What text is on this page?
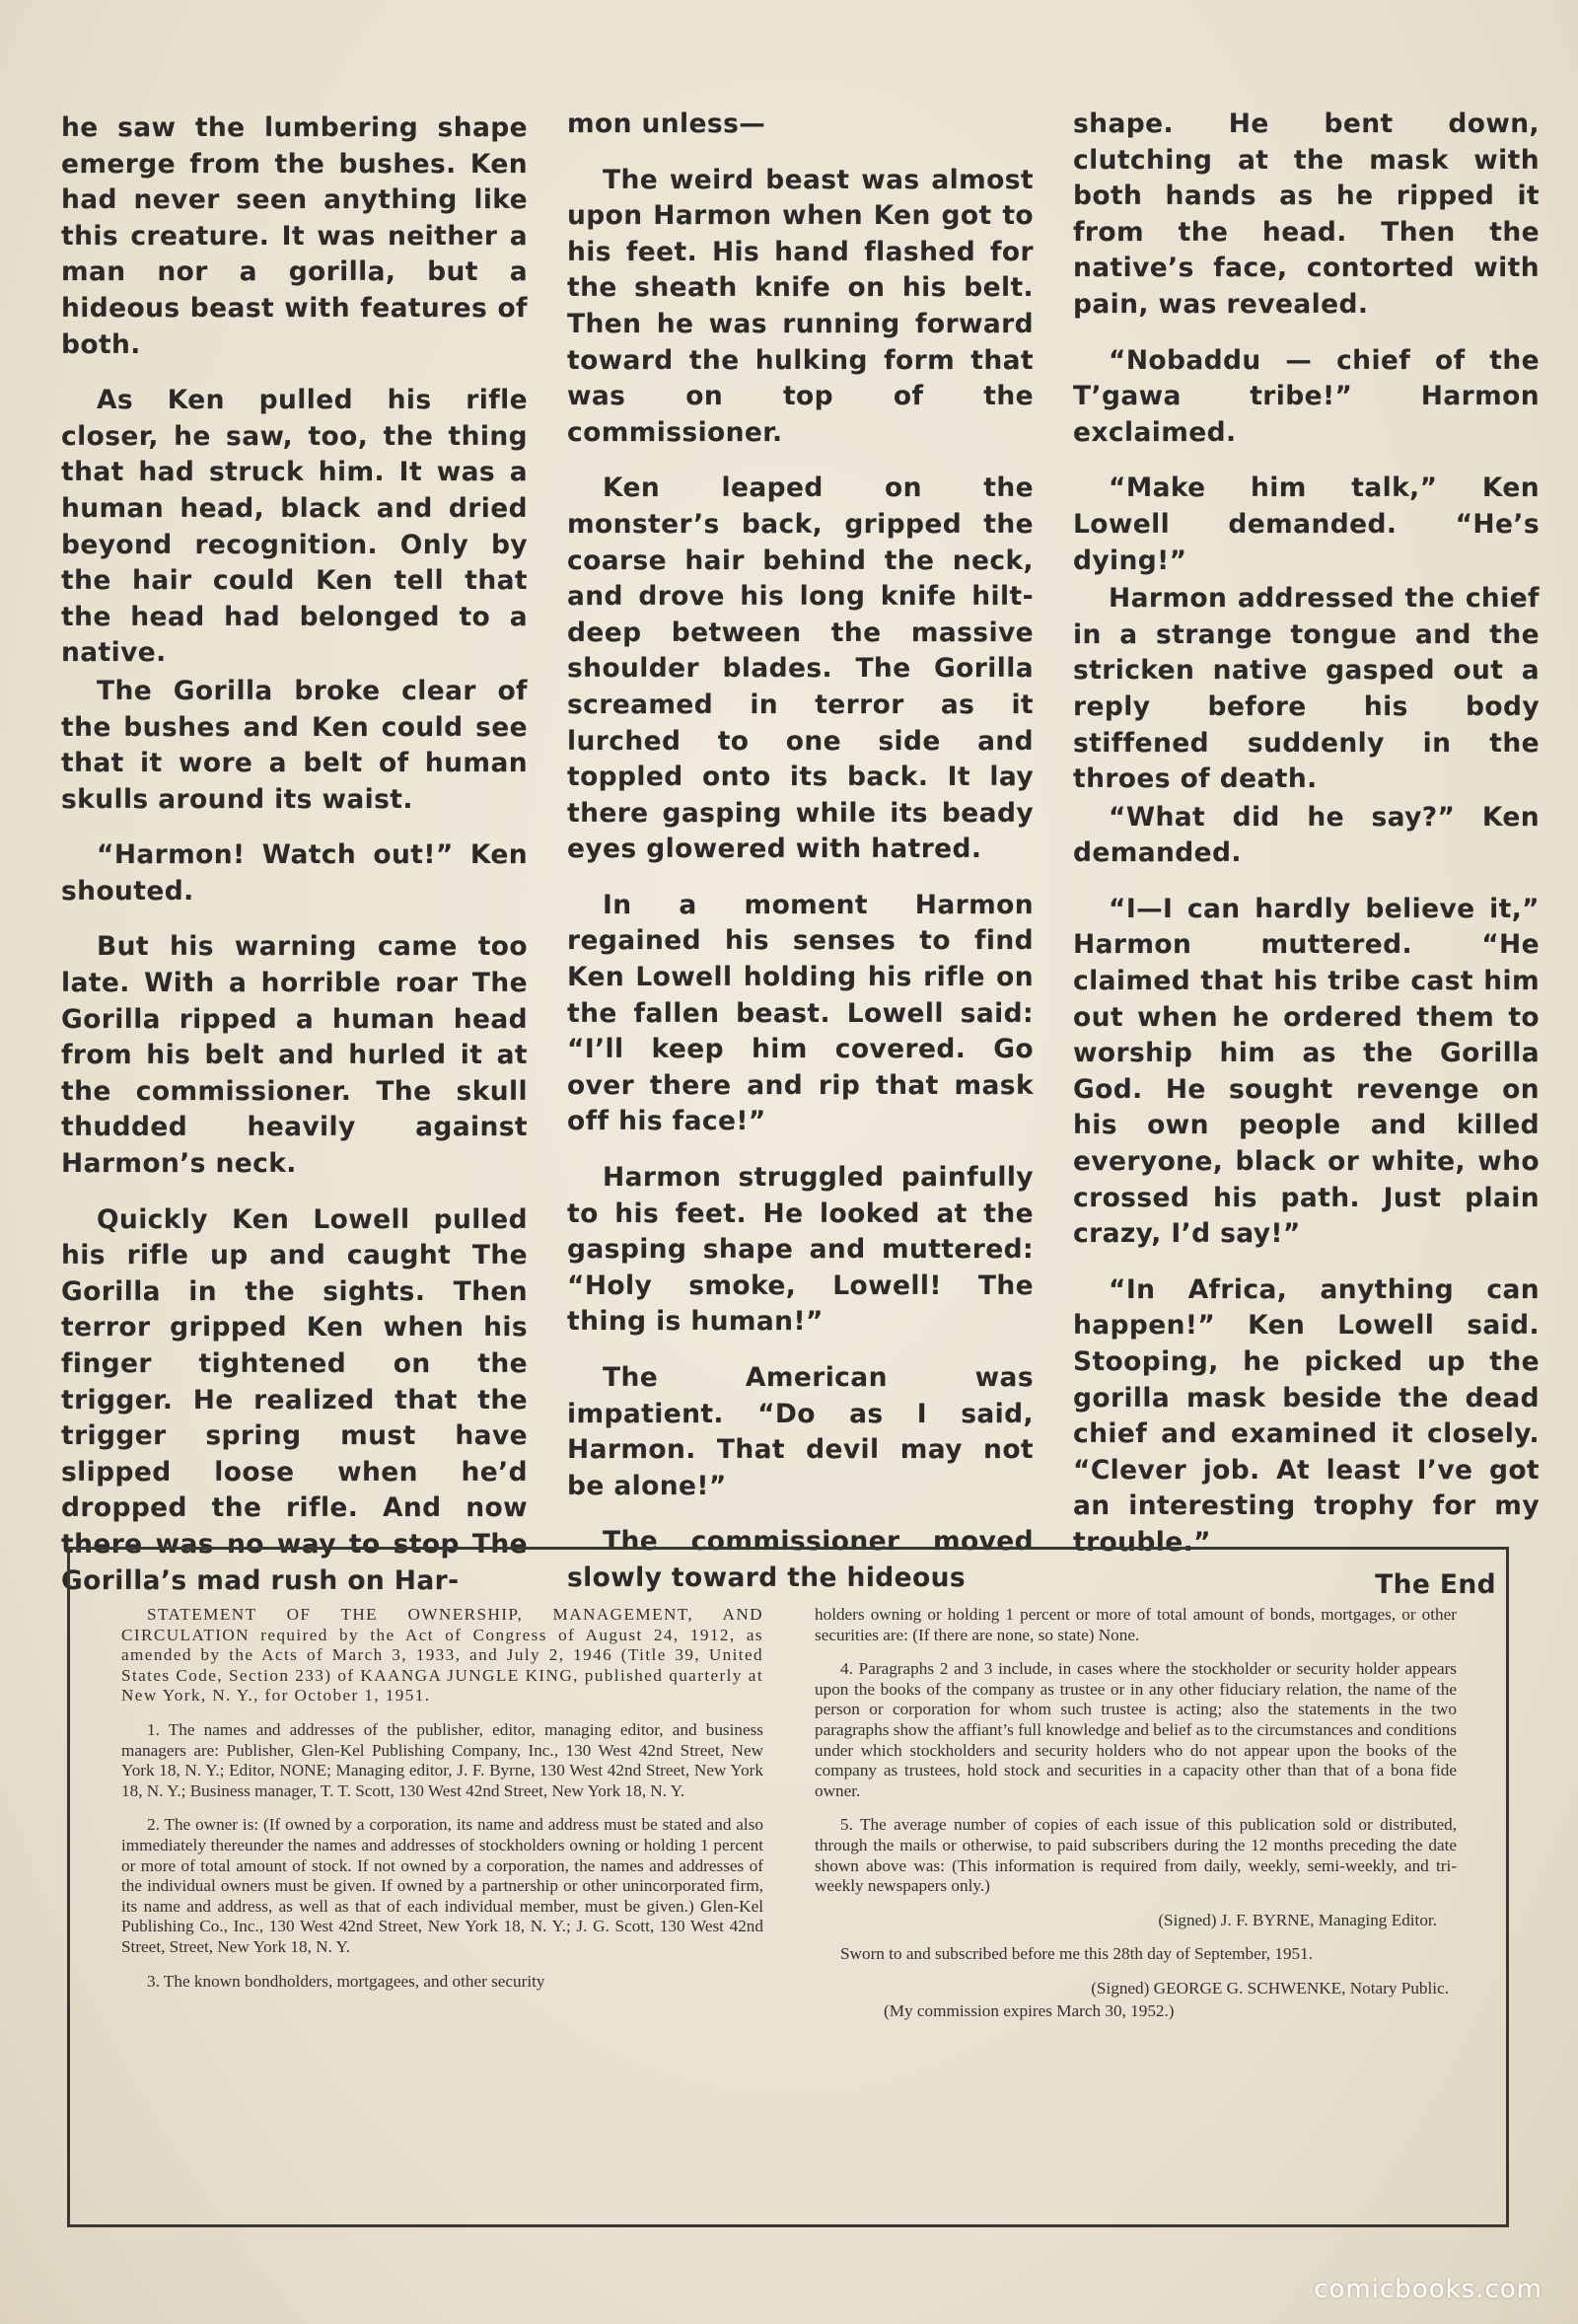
he saw the lumbering shape emerge from the bushes. Ken had never seen anything like this creature. It was neither a man nor a gorilla, but a hideous beast with features of both.

As Ken pulled his rifle closer, he saw, too, the thing that had struck him. It was a human head, black and dried beyond recognition. Only by the hair could Ken tell that the head had belonged to a native.

The Gorilla broke clear of the bushes and Ken could see that it wore a belt of human skulls around its waist.

“Harmon! Watch out!” Ken shouted.

But his warning came too late. With a horrible roar The Gorilla ripped a human head from his belt and hurled it at the commissioner. The skull thudded heavily against Harmon’s neck.

Quickly Ken Lowell pulled his rifle up and caught The Gorilla in the sights. Then terror gripped Ken when his finger tightened on the trigger. He realized that the trigger spring must have slipped loose when he’d dropped the rifle. And now there was no way to stop The Gorilla’s mad rush on Har-

mon unless—

The weird beast was almost upon Harmon when Ken got to his feet. His hand flashed for the sheath knife on his belt. Then he was running forward toward the hulking form that was on top of the commissioner.

Ken leaped on the monster’s back, gripped the coarse hair behind the neck, and drove his long knife hilt-deep between the massive shoulder blades. The Gorilla screamed in terror as it lurched to one side and toppled onto its back. It lay there gasping while its beady eyes glowered with hatred.

In a moment Harmon regained his senses to find Ken Lowell holding his rifle on the fallen beast. Lowell said: “I’ll keep him covered. Go over there and rip that mask off his face!”

Harmon struggled painfully to his feet. He looked at the gasping shape and muttered: “Holy smoke, Lowell! The thing is human!”

The American was impatient. “Do as I said, Harmon. That devil may not be alone!”

The commissioner moved slowly toward the hideous

shape. He bent down, clutching at the mask with both hands as he ripped it from the head. Then the native’s face, contorted with pain, was revealed.

“Nobaddu — chief of the T’gawa tribe!” Harmon exclaimed.

“Make him talk,” Ken Lowell demanded. “He’s dying!”

Harmon addressed the chief in a strange tongue and the stricken native gasped out a reply before his body stiffened suddenly in the throes of death.

“What did he say?” Ken demanded.

“I—I can hardly believe it,” Harmon muttered. “He claimed that his tribe cast him out when he ordered them to worship him as the Gorilla God. He sought revenge on his own people and killed everyone, black or white, who crossed his path. Just plain crazy, I’d say!”

“In Africa, anything can happen!” Ken Lowell said. Stooping, he picked up the gorilla mask beside the dead chief and examined it closely. “Clever job. At least I’ve got an interesting trophy for my trouble.”

The End

STATEMENT OF THE OWNERSHIP, MANAGEMENT, AND CIRCULATION required by the Act of Congress of August 24, 1912, as amended by the Acts of March 3, 1933, and July 2, 1946 (Title 39, United States Code, Section 233) of KAANGA JUNGLE KING, published quarterly at New York, N. Y., for October 1, 1951.

1. The names and addresses of the publisher, editor, managing editor, and business managers are: Publisher, Glen-Kel Publishing Company, Inc., 130 West 42nd Street, New York 18, N. Y.; Editor, NONE; Managing editor, J. F. Byrne, 130 West 42nd Street, New York 18, N. Y.; Business manager, T. T. Scott, 130 West 42nd Street, New York 18, N. Y.

2. The owner is: (If owned by a corporation, its name and address must be stated and also immediately thereunder the names and addresses of stockholders owning or holding 1 percent or more of total amount of stock. If not owned by a corporation, the names and addresses of the individual owners must be given. If owned by a partnership or other unincorporated firm, its name and address, as well as that of each individual member, must be given.) Glen-Kel Publishing Co., Inc., 130 West 42nd Street, New York 18, N. Y.; J. G. Scott, 130 West 42nd Street, Street, New York 18, N. Y.

3. The known bondholders, mortgagees, and other security

holders owning or holding 1 percent or more of total amount of bonds, mortgages, or other securities are: (If there are none, so state) None.

4. Paragraphs 2 and 3 include, in cases where the stockholder or security holder appears upon the books of the company as trustee or in any other fiduciary relation, the name of the person or corporation for whom such trustee is acting; also the statements in the two paragraphs show the affiant’s full knowledge and belief as to the circumstances and conditions under which stockholders and security holders who do not appear upon the books of the company as trustees, hold stock and securities in a capacity other than that of a bona fide owner.

5. The average number of copies of each issue of this publication sold or distributed, through the mails or otherwise, to paid subscribers during the 12 months preceding the date shown above was: (This information is required from daily, weekly, semi-weekly, and tri-weekly newspapers only.)

(Signed) J. F. BYRNE, Managing Editor.

Sworn to and subscribed before me this 28th day of September, 1951.

(Signed) GEORGE G. SCHWENKE, Notary Public.

(My commission expires March 30, 1952.)

comicbooks.com
